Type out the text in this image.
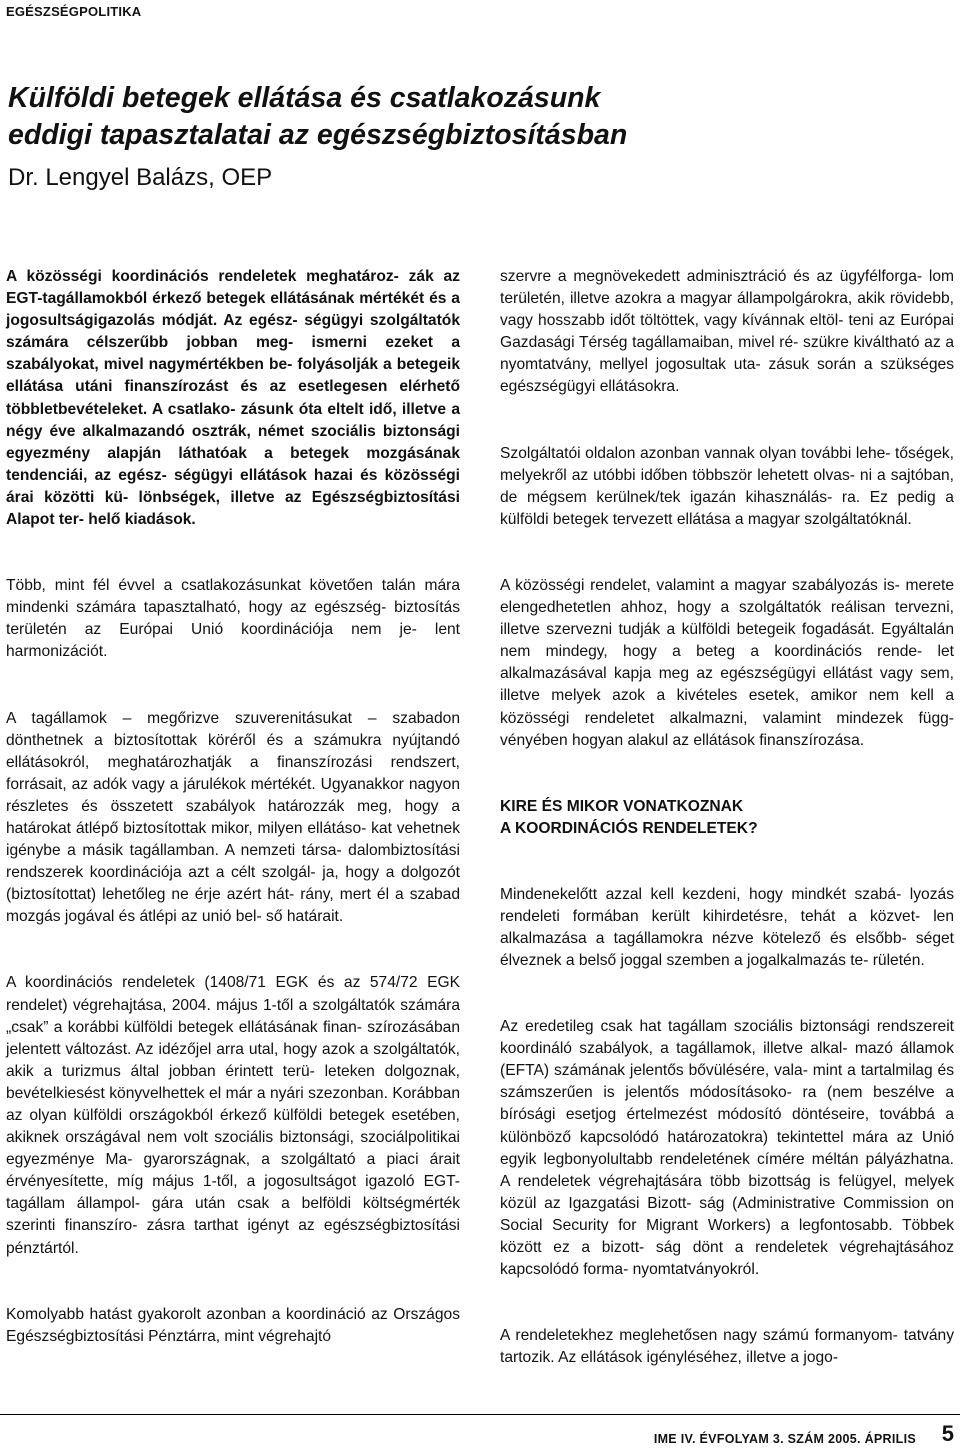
EGÉSZSÉGPOLITIKA
Külföldi betegek ellátása és csatlakozásunk
eddigi tapasztalatai az egészségbiztosításban
Dr. Lengyel Balázs, OEP

A közösségi koordinációs rendeletek meghatároz- zák az EGT-tagállamokból érkező betegek ellátásának mértékét és a jogosultságigazolás módját. Az egész- ségügyi szolgáltatók számára célszerűbb jobban meg- ismerni ezeket a szabályokat, mivel nagymértékben be- folyásolják a betegeik ellátása utáni finanszírozást és az esetlegesen elérhető többletbevételeket. A csatlako- zásunk óta eltelt idő, illetve a négy éve alkalmazandó osztrák, német szociális biztonsági egyezmény alapján láthatóak a betegek mozgásának tendenciái, az egész- ségügyi ellátások hazai és közösségi árai közötti kü- lönbségek, illetve az Egészségbiztosítási Alapot ter- helő kiadások.

Több, mint fél évvel a csatlakozásunkat követően talán mára mindenki számára tapasztalható, hogy az egészség- biztosítás területén az Európai Unió koordinációja nem je- lent harmonizációt.

A tagállamok – megőrizve szuverenitásukat – szabadon dönthetnek a biztosítottak köréről és a számukra nyújtandó ellátásokról, meghatározhatják a finanszírozási rendszert, forrásait, az adók vagy a járulékok mértékét. Ugyanakkor nagyon részletes és összetett szabályok határozzák meg, hogy a határokat átlépő biztosítottak mikor, milyen ellátáso- kat vehetnek igénybe a másik tagállamban. A nemzeti társa- dalombiztosítási rendszerek koordinációja azt a célt szolgál- ja, hogy a dolgozót (biztosítottat) lehetőleg ne érje azért hát- rány, mert él a szabad mozgás jogával és átlépi az unió bel- ső határait.

A koordinációs rendeletek (1408/71 EGK és az 574/72 EGK rendelet) végrehajtása, 2004. május 1-től a szolgáltatók számára „csak” a korábbi külföldi betegek ellátásának finan- szírozásában jelentett változást. Az idézőjel arra utal, hogy azok a szolgáltatók, akik a turizmus által jobban érintett terü- leteken dolgoznak, bevételkiesést könyvelhettek el már a nyári szezonban. Korábban az olyan külföldi országokból érkező külföldi betegek esetében, akiknek országával nem volt szociális biztonsági, szociálpolitikai egyezménye Ma- gyarországnak, a szolgáltató a piaci árait érvényesítette, míg május 1-től, a jogosultságot igazoló EGT-tagállam állampol- gára után csak a belföldi költségmérték szerinti finanszíro- zásra tarthat igényt az egészségbiztosítási pénztártól.

Komolyabb hatást gyakorolt azonban a koordináció az Országos Egészségbiztosítási Pénztárra, mint végrehajtó

szervre a megnövekedett adminisztráció és az ügyfélforga- lom területén, illetve azokra a magyar állampolgárokra, akik rövidebb, vagy hosszabb időt töltöttek, vagy kívánnak eltöl- teni az Európai Gazdasági Térség tagállamaiban, mivel ré- szükre kiváltható az a nyomtatvány, mellyel jogosultak uta- zásuk során a szükséges egészségügyi ellátásokra.

Szolgáltatói oldalon azonban vannak olyan további lehe- tőségek, melyekről az utóbbi időben többször lehetett olvas- ni a sajtóban, de mégsem kerülnek/tek igazán kihasználás- ra. Ez pedig a külföldi betegek tervezett ellátása a magyar szolgáltatóknál.

A közösségi rendelet, valamint a magyar szabályozás is- merete elengedhetetlen ahhoz, hogy a szolgáltatók reálisan tervezni, illetve szervezni tudják a külföldi betegeik fogadását. Egyáltalán nem mindegy, hogy a beteg a koordinációs rende- let alkalmazásával kapja meg az egészségügyi ellátást vagy sem, illetve melyek azok a kivételes esetek, amikor nem kell a közösségi rendeletet alkalmazni, valamint mindezek függ- vényében hogyan alakul az ellátások finanszírozása.

KIRE ÉS MIKOR VONATKOZNAK
A KOORDINÁCIÓS RENDELETEK?

Mindenekelőtt azzal kell kezdeni, hogy mindkét szabá- lyozás rendeleti formában került kihirdetésre, tehát a közvet- len alkalmazása a tagállamokra nézve kötelező és elsőbb- séget élveznek a belső joggal szemben a jogalkalmazás te- rületén.

Az eredetileg csak hat tagállam szociális biztonsági rendszereit koordináló szabályok, a tagállamok, illetve alkal- mazó államok (EFTA) számának jelentős bővülésére, vala- mint a tartalmilag és számszerűen is jelentős módosításoko- ra (nem beszélve a bírósági esetjog értelmezést módosító döntéseire, továbbá a különböző kapcsolódó határozatokra) tekintettel mára az Unió egyik legbonyolultabb rendeletének címére méltán pályázhatna. A rendeletek végrehajtására több bizottság is felügyel, melyek közül az Igazgatási Bizott- ság (Administrative Commission on Social Security for Migrant Workers) a legfontosabb. Többek között ez a bizott- ság dönt a rendeletek végrehajtásához kapcsolódó forma- nyomtatványokról.

A rendeletekhez meglehetősen nagy számú formanyom- tatvány tartozik. Az ellátások igényléséhez, illetve a jogo-

IME IV. ÉVFOLYAM 3. SZÁM 2005. ÁPRILIS 5
